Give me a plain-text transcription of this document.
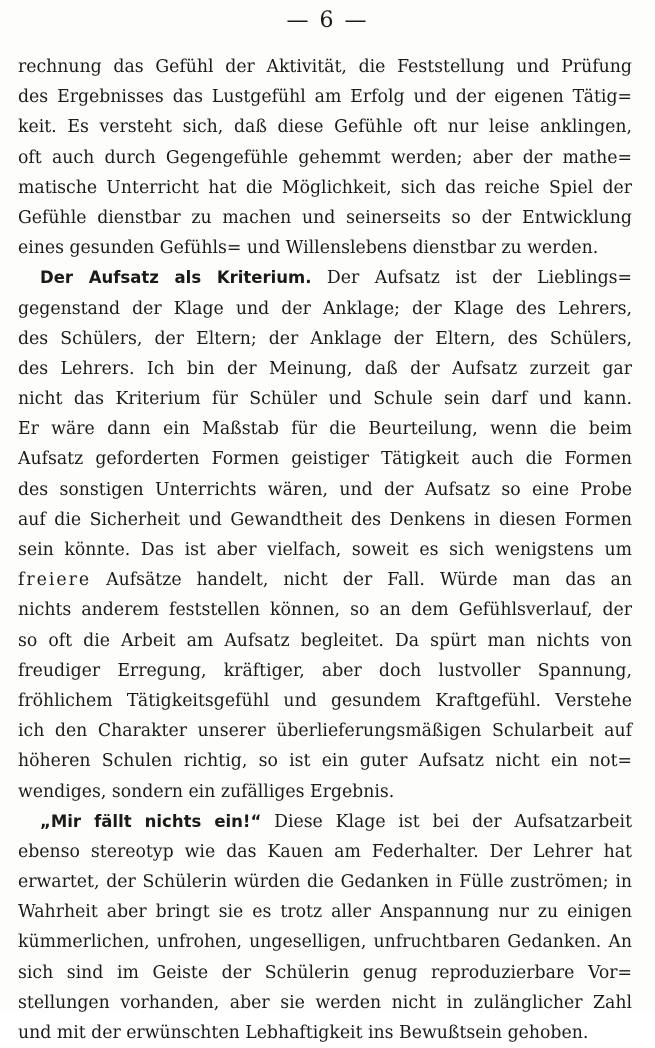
— 6 —
rechnung das Gefühl der Aktivität, die Feststellung und Prüfung
des Ergebnisses das Lustgefühl am Erfolg und der eigenen Tätig=
keit. Es versteht sich, daß diese Gefühle oft nur leise anklingen,
oft auch durch Gegengefühle gehemmt werden; aber der mathe=
matische Unterricht hat die Möglichkeit, sich das reiche Spiel der
Gefühle dienstbar zu machen und seinerseits so der Entwicklung
eines gesunden Gefühls= und Willenslebens dienstbar zu werden.
Der Aufsatz als Kriterium. Der Aufsatz ist der Lieblings=
gegenstand der Klage und der Anklage; der Klage des Lehrers,
des Schülers, der Eltern; der Anklage der Eltern, des Schülers,
des Lehrers. Ich bin der Meinung, daß der Aufsatz zurzeit gar
nicht das Kriterium für Schüler und Schule sein darf und kann.
Er wäre dann ein Maßstab für die Beurteilung, wenn die beim
Aufsatz geforderten Formen geistiger Tätigkeit auch die Formen
des sonstigen Unterrichts wären, und der Aufsatz so eine Probe
auf die Sicherheit und Gewandtheit des Denkens in diesen Formen
sein könnte. Das ist aber vielfach, soweit es sich wenigstens um
freiere Aufsätze handelt, nicht der Fall. Würde man das an
nichts anderem feststellen können, so an dem Gefühlsverlauf, der
so oft die Arbeit am Aufsatz begleitet. Da spürt man nichts von
freudiger Erregung, kräftiger, aber doch lustvoller Spannung,
fröhlichem Tätigkeitsgefühl und gesundem Kraftgefühl. Verstehe
ich den Charakter unserer überlieferungsmäßigen Schularbeit auf
höheren Schulen richtig, so ist ein guter Aufsatz nicht ein not=
wendiges, sondern ein zufälliges Ergebnis.
„Mir fällt nichts ein!“ Diese Klage ist bei der Aufsatzarbeit
ebenso stereotyp wie das Kauen am Federhalter. Der Lehrer hat
erwartet, der Schülerin würden die Gedanken in Fülle zuströmen; in
Wahrheit aber bringt sie es trotz aller Anspannung nur zu einigen
kümmerlichen, unfrohen, ungeselligen, unfruchtbaren Gedanken. An
sich sind im Geiste der Schülerin genug reproduzierbare Vor=
stellungen vorhanden, aber sie werden nicht in zulänglicher Zahl
und mit der erwünschten Lebhaftigkeit ins Bewußtsein gehoben.
